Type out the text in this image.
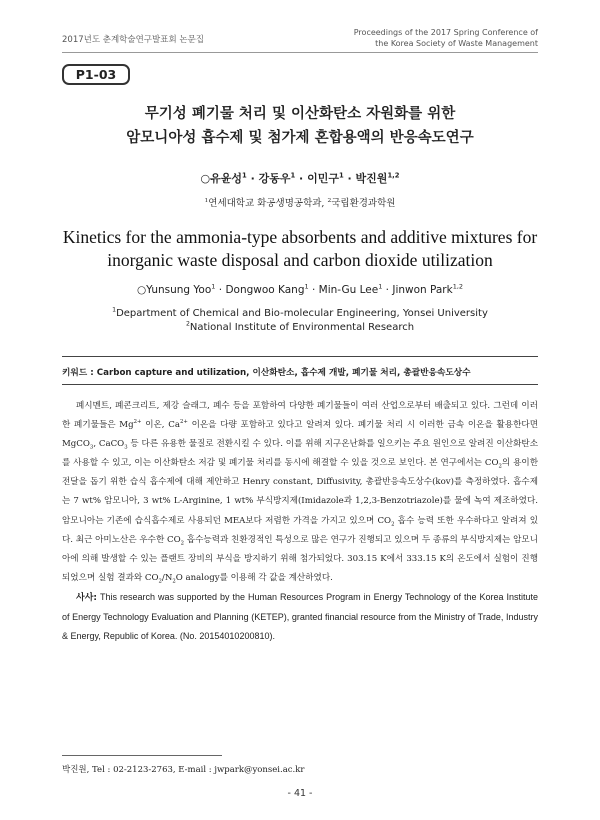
2017년도 춘계학술연구발표회 논문집
Proceedings of the 2017 Spring Conference of
the Korea Society of Waste Management
P1-03
무기성 폐기물 처리 및 이산화탄소 자원화를 위한
암모니아성 흡수제 및 첨가제 혼합용액의 반응속도연구
○유윤성$^1$ · 강동우$^1$ · 이민구$^1$ · 박진원$^{1,2}$
$^1$연세대학교 화공생명공학과, $^2$국립환경과학원
Kinetics for the ammonia-type absorbents and additive mixtures for
inorganic waste disposal and carbon dioxide utilization
○Yunsung Yoo$^1$ · Dongwoo Kang$^1$ · Min-Gu Lee$^1$ · Jinwon Park$^{1,2}$
$^1$Department of Chemical and Bio-molecular Engineering, Yonsei University
$^2$National Institute of Environmental Research
키워드 : Carbon capture and utilization, 이산화탄소, 흡수제 개발, 폐기물 처리, 총괄반응속도상수

폐시멘트, 폐콘크리트, 제강 슬래그, 폐수 등을 포함하여 다양한 폐기물들이 여러 산업으로부터 배출되고 있다. 그런데 이러한 폐기물들은 $Mg^{2+}$ 이온, $Ca^{2+}$ 이온을 다량 포함하고 있다고 알려져 있다. 폐기물 처리 시 이러한 금속 이온을 활용한다면 MgCO$_3$, CaCO$_3$ 등 다른 유용한 물질로 전환시킬 수 있다. 이를 위해 지구온난화를 일으키는 주요 원인으로 알려진 이산화탄소를 사용할 수 있고, 이는 이산화탄소 저감 및 폐기물 처리를 동시에 해결할 수 있을 것으로 보인다. 본 연구에서는 $CO_2$의 용이한 전달을 돕기 위한 습식 흡수제에 대해 제안하고 Henry constant, Diffusivity, 총괄반응속도상수(kov)를 측정하였다. 흡수제는 7 wt% 암모니아, 3 wt% L-Arginine, 1 wt% 부식방지제(Imidazole과 1,2,3-Benzotriazole)를 물에 녹여 제조하였다. 암모니아는 기존에 습식흡수제로 사용되던 MEA보다 저렴한 가격을 가지고 있으며 $CO_2$ 흡수 능력 또한 우수하다고 알려져 있다. 최근 아미노산은 우수한 $CO_2$ 흡수능력과 친환경적인 특성으로 많은 연구가 진행되고 있으며 두 종류의 부식방지제는 암모니아에 의해 발생할 수 있는 플랜트 장비의 부식을 방지하기 위해 첨가되었다. 303.15 K에서 333.15 K의 온도에서 실험이 진행되었으며 실험 결과와 $CO_2/N_2O$ analogy를 이용해 각 값을 계산하였다.

사사: This research was supported by the Human Resources Program in Energy Technology of the Korea Institute of Energy Technology Evaluation and Planning (KETEP), granted financial resource from the Ministry of Trade, Industry & Energy, Republic of Korea. (No. 20154010200810).

박진원, Tel : 02-2123-2763, E-mail : jwpark@yonsei.ac.kr
- 41 -
